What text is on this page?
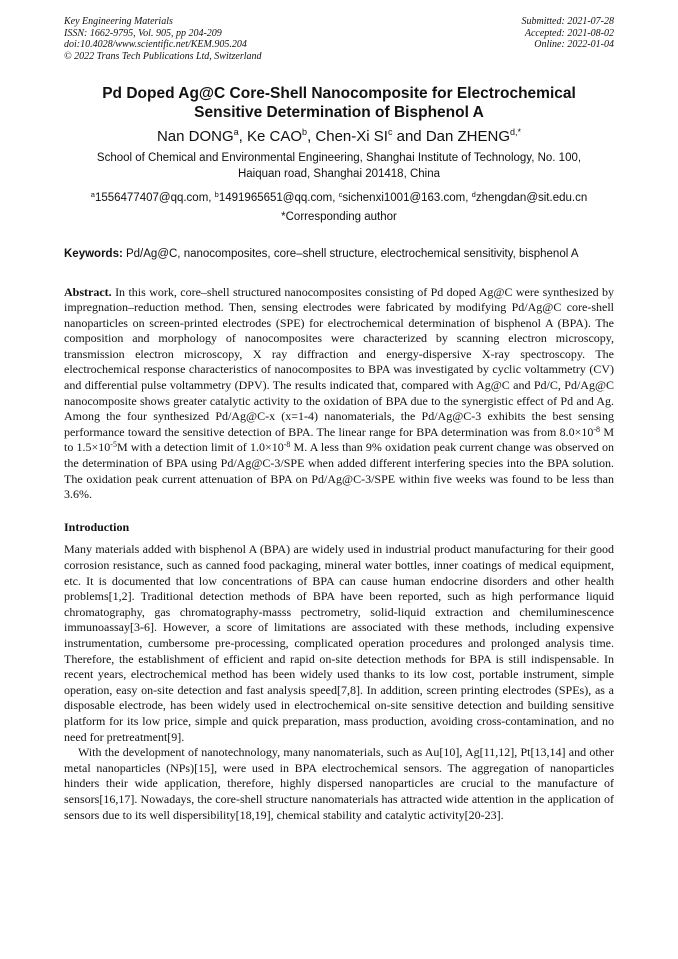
Key Engineering Materials
ISSN: 1662-9795, Vol. 905, pp 204-209
doi:10.4028/www.scientific.net/KEM.905.204
© 2022 Trans Tech Publications Ltd, Switzerland
Submitted: 2021-07-28
Accepted: 2021-08-02
Online: 2022-01-04
Pd Doped Ag@C Core-Shell Nanocomposite for Electrochemical
Sensitive Determination of Bisphenol A
Nan DONG$^a$, Ke CAO$^b$, Chen-Xi $SI^c$ and Dan $ZHENG^{d,*}$
School of Chemical and Environmental Engineering, Shanghai Institute of Technology, No. 100,
Haiquan road, Shanghai 201418, China
$^a$1556477407@qq.com, $^b$1491965651@qq.com, $^c$sichenxi1001@163.com, $^d$zhengdan@sit.edu.cn
*Corresponding author
Keywords: Pd/Ag@C, nanocomposites, core–shell structure, electrochemical sensitivity, bisphenol A
Abstract. In this work, core–shell structured nanocomposites consisting of Pd doped Ag@C were synthesized by impregnation–reduction method. Then, sensing electrodes were fabricated by modifying Pd/Ag@C core-shell nanoparticles on screen-printed electrodes (SPE) for electrochemical determination of bisphenol A (BPA). The composition and morphology of nanocomposites were characterized by scanning electron microscopy, transmission electron microscopy, X ray diffraction and energy-dispersive X-ray spectroscopy. The electrochemical response characteristics of nanocomposites to BPA was investigated by cyclic voltammetry (CV) and differential pulse voltammetry (DPV). The results indicated that, compared with Ag@C and Pd/C, Pd/Ag@C nanocomposite shows greater catalytic activity to the oxidation of BPA due to the synergistic effect of Pd and Ag. Among the four synthesized Pd/Ag@C-x (x=1-4) nanomaterials, the Pd/Ag@C-3 exhibits the best sensing performance toward the sensitive detection of BPA. The linear range for BPA determination was from $8.0\times 10^{-8}$ M to $1.5\times 10^{-5}M$ with a detection limit of $1.0\times 10^{-8}$ M. A less than 9% oxidation peak current change was observed on the determination of BPA using Pd/Ag@C-3/SPE when added different interfering species into the BPA solution. The oxidation peak current attenuation of BPA on Pd/Ag@C-3/SPE within five weeks was found to be less than 3.6%.
Introduction
Many materials added with bisphenol A (BPA) are widely used in industrial product manufacturing for their good corrosion resistance, such as canned food packaging, mineral water bottles, inner coatings of medical equipment, etc. It is documented that low concentrations of BPA can cause human endocrine disorders and other health problems[1,2]. Traditional detection methods of BPA have been reported, such as high performance liquid chromatography, gas chromatography-masss pectrometry, solid-liquid extraction and chemiluminescence immunoassay[3-6]. However, a score of limitations are associated with these methods, including expensive instrumentation, cumbersome pre-processing, complicated operation procedures and prolonged analysis time. Therefore, the establishment of efficient and rapid on-site detection methods for BPA is still indispensable. In recent years, electrochemical method has been widely used thanks to its low cost, portable instrument, simple operation, easy on-site detection and fast analysis speed[7,8]. In addition, screen printing electrodes (SPEs), as a disposable electrode, has been widely used in electrochemical on-site sensitive detection and building sensitive platform for its low price, simple and quick preparation, mass production, avoiding cross-contamination, and no need for pretreatment[9].
With the development of nanotechnology, many nanomaterials, such as Au[10], Ag[11,12], Pt[13,14] and other metal nanoparticles (NPs)[15], were used in BPA electrochemical sensors. The aggregation of nanoparticles hinders their wide application, therefore, highly dispersed nanoparticles are crucial to the manufacture of sensors[16,17]. Nowadays, the core-shell structure nanomaterials has attracted wide attention in the application of sensors due to its well dispersibility[18,19], chemical stability and catalytic activity[20-23].
